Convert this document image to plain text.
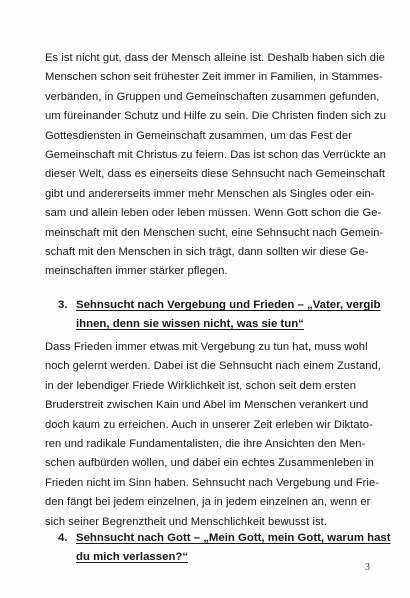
Es ist nicht gut, dass der Mensch alleine ist. Deshalb haben sich die
Menschen schon seit frühester Zeit immer in Familien, in Stammes-
verbänden, in Gruppen und Gemeinschaften zusammen gefunden,
um füreinander Schutz und Hilfe zu sein. Die Christen finden sich zu
Gottesdiensten in Gemeinschaft zusammen, um das Fest der
Gemeinschaft mit Christus zu feiern. Das ist schon das Verrückte an
dieser Welt, dass es einerseits diese Sehnsucht nach Gemeinschaft
gibt und andererseits immer mehr Menschen als Singles oder ein-
sam und allein leben oder leben müssen. Wenn Gott schon die Ge-
meinschaft mit den Menschen sucht, eine Sehnsucht nach Gemein-
schaft mit den Menschen in sich trägt, dann sollten wir diese Ge-
meinschaften immer stärker pflegen.
3. Sehnsucht nach Vergebung und Frieden – „Vater, vergib
ihnen, denn sie wissen nicht, was sie tun“
Dass Frieden immer etwas mit Vergebung zu tun hat, muss wohl
noch gelernt werden. Dabei ist die Sehnsucht nach einem Zustand,
in der lebendiger Friede Wirklichkeit ist, schon seit dem ersten
Bruderstreit zwischen Kain und Abel im Menschen verankert und
doch kaum zu erreichen. Auch in unserer Zeit erleben wir Diktato-
ren und radikale Fundamentalisten, die ihre Ansichten den Men-
schen aufbürden wollen, und dabei ein echtes Zusammenleben in
Frieden nicht im Sinn haben. Sehnsucht nach Vergebung und Frie-
den fängt bei jedem einzelnen, ja in jedem einzelnen an, wenn er
sich seiner Begrenztheit und Menschlichkeit bewusst ist.
4. Sehnsucht nach Gott – „Mein Gott, mein Gott, warum hast
du mich verlassen?“
3
